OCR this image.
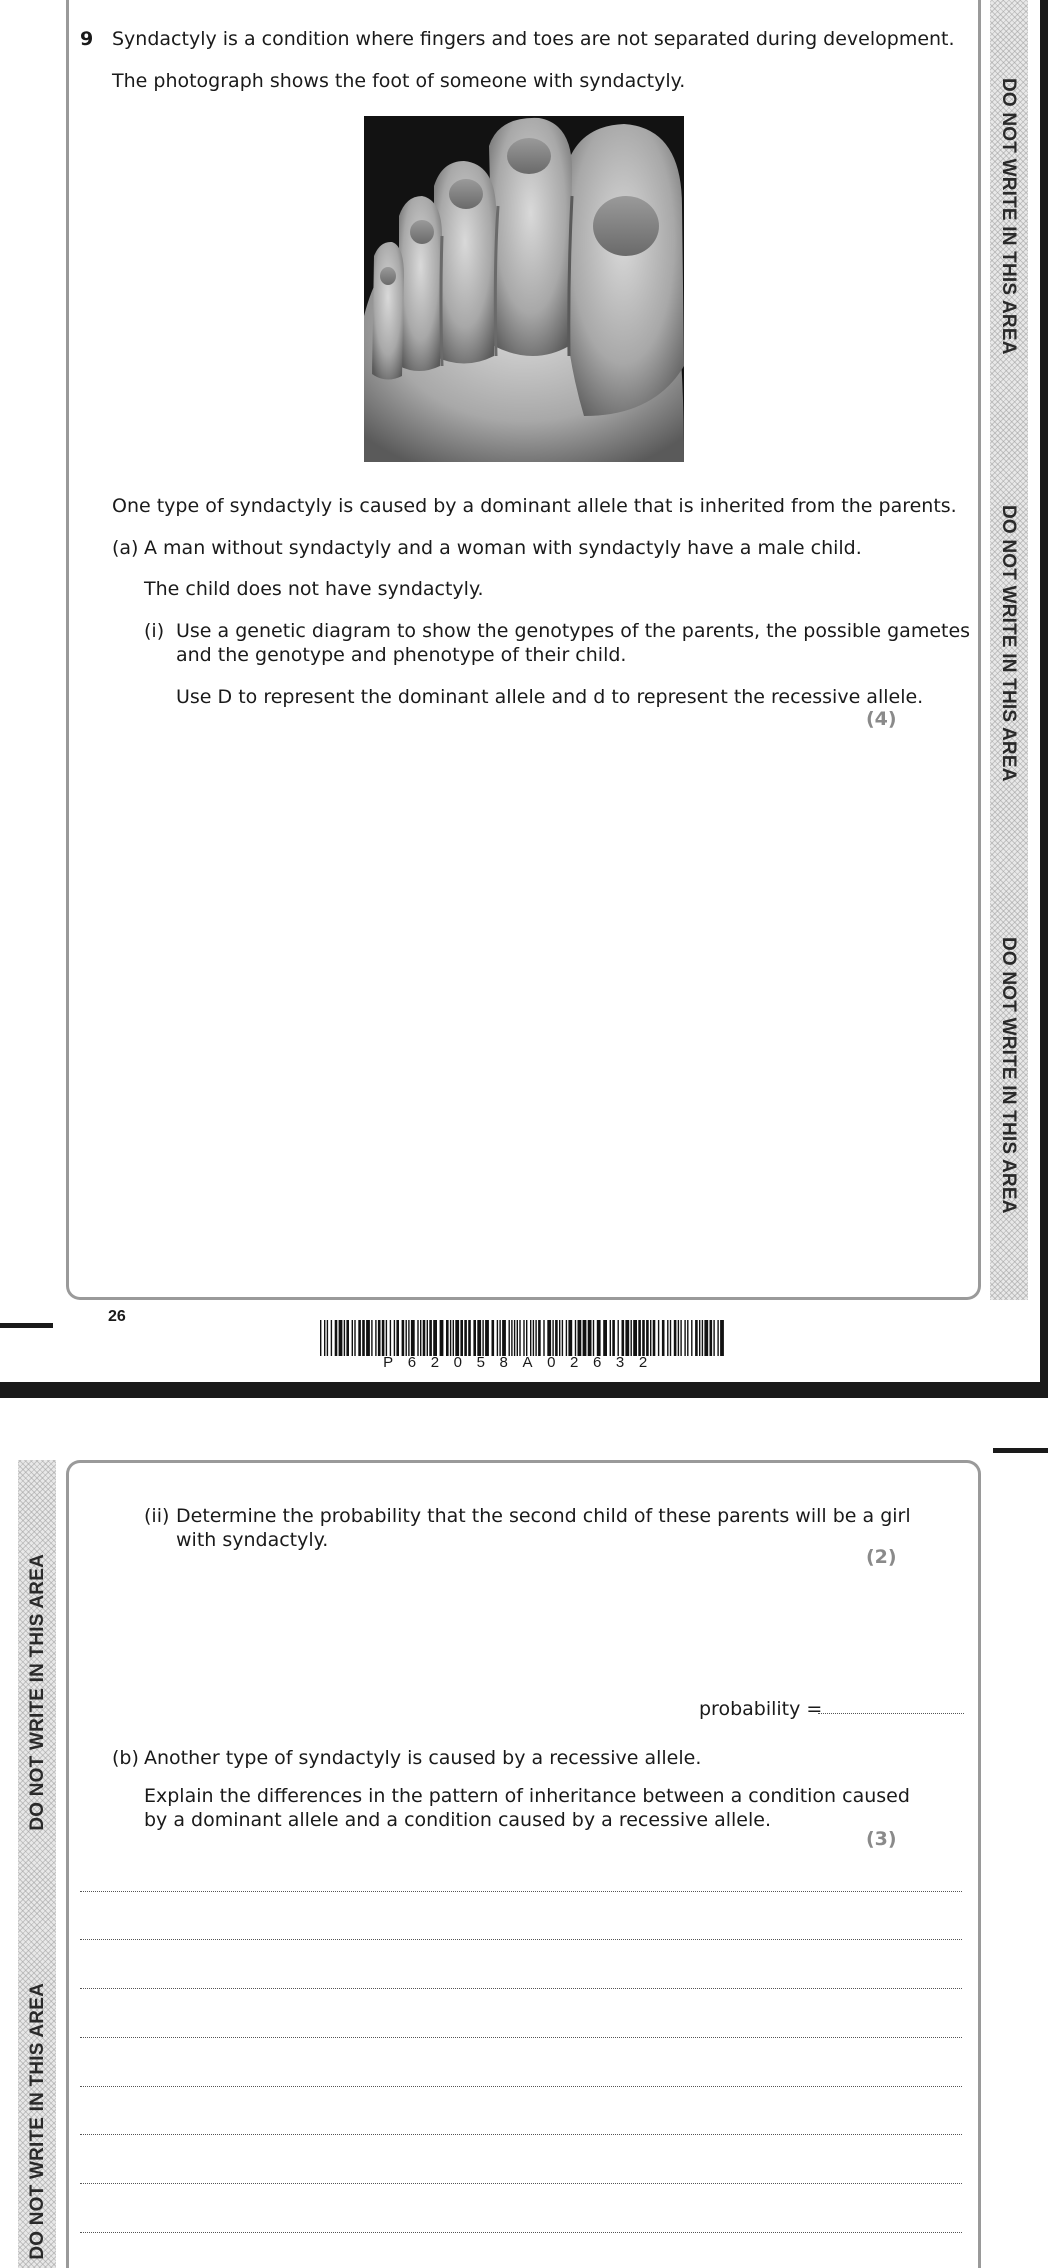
DO NOT WRITE IN THIS AREA
DO NOT WRITE IN THIS AREA
DO NOT WRITE IN THIS AREA
9 Syndactyly is a condition where fingers and toes are not separated during development.
The photograph shows the foot of someone with syndactyly.
One type of syndactyly is caused by a dominant allele that is inherited from the parents.
(a) A man without syndactyly and a woman with syndactyly have a male child.
The child does not have syndactyly.
(i) Use a genetic diagram to show the genotypes of the parents, the possible gametes
and the genotype and phenotype of their child.
Use D to represent the dominant allele and d to represent the recessive allele.
(4)
26
P62058A02632
DO NOT WRITE IN THIS AREA
DO NOT WRITE IN THIS AREA
(ii) Determine the probability that the second child of these parents will be a girl
with syndactyly.
(2)
probability =
(b) Another type of syndactyly is caused by a recessive allele.
Explain the differences in the pattern of inheritance between a condition caused
by a dominant allele and a condition caused by a recessive allele.
(3)
